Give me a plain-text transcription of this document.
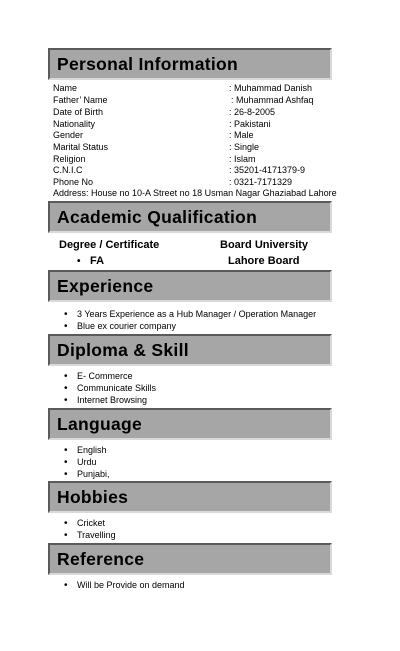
Personal Information
Name	: Muhammad Danish
Father’ Name	: Muhammad Ashfaq
Date of Birth	: 26-8-2005
Nationality	: Pakistani
Gender	: Male
Marital Status	: Single
Religion	: Islam
C.N.I.C	: 35201-4171379-9
Phone No	: 0321-7171329
Address: House no 10-A Street no 18 Usman Nagar Ghaziabad Lahore
Academic Qualification
Degree / Certificate	Board University
• FA	Lahore Board
Experience
• 3 Years Experience as a Hub Manager / Operation Manager
• Blue ex courier company
Diploma & Skill
• E- Commerce
• Communicate Skills
• Internet Browsing
Language
• English
• Urdu
• Punjabi,
Hobbies
• Cricket
• Travelling
Reference
• Will be Provide on demand
